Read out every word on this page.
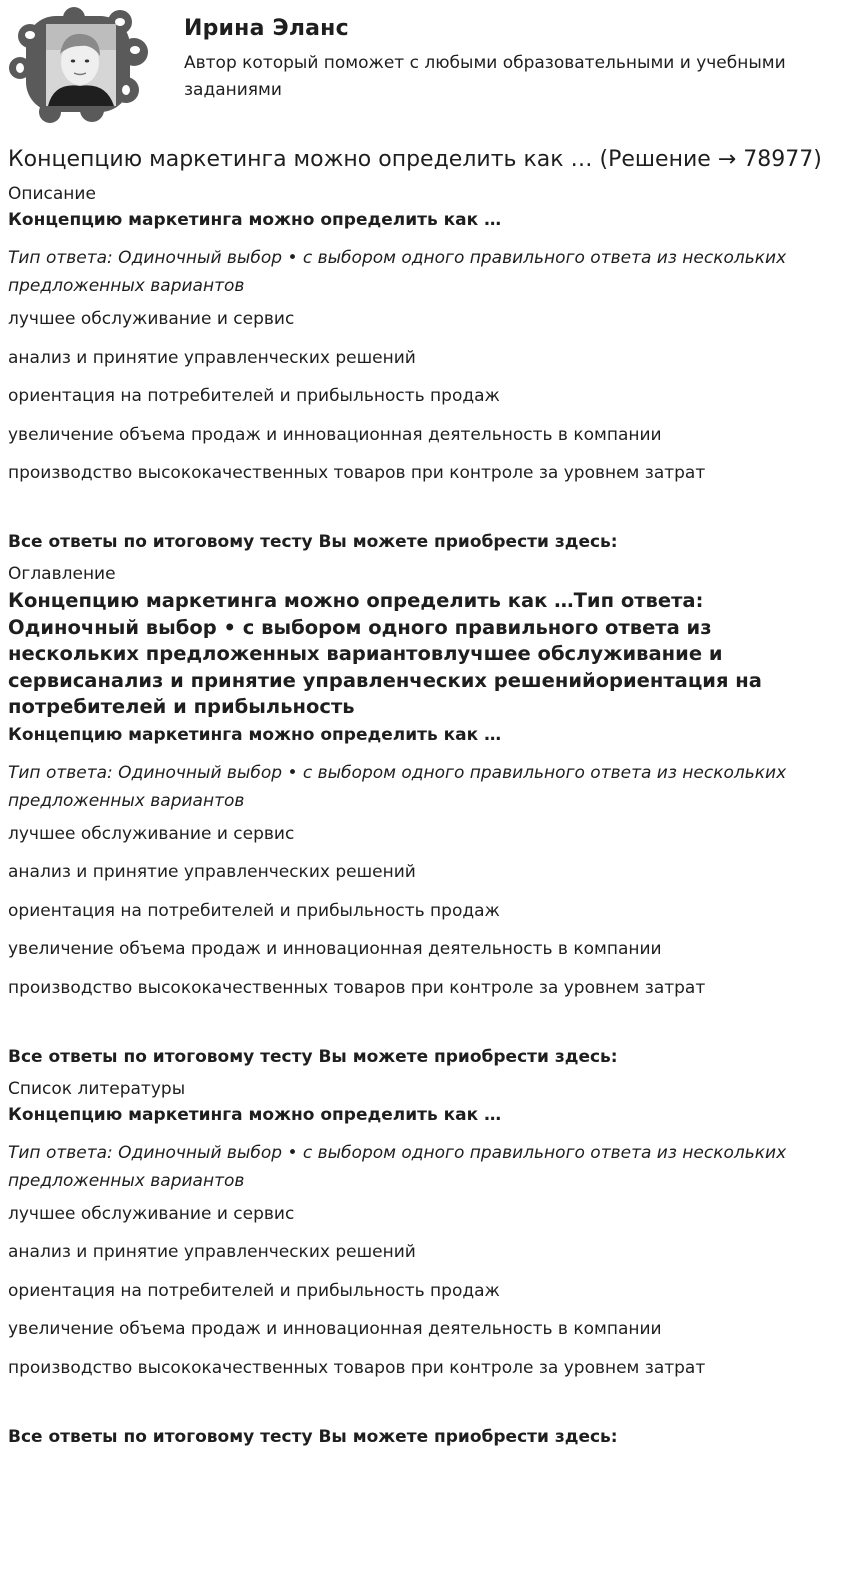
Ирина Эланс
Автор который поможет с любыми образовательными и учебными заданиями
Концепцию маркетинга можно определить как … (Решение → 78977)
Описание
Концепцию маркетинга можно определить как …
Тип ответа: Одиночный выбор • с выбором одного правильного ответа из нескольких предложенных вариантов
лучшее обслуживание и сервис
анализ и принятие управленческих решений
ориентация на потребителей и прибыльность продаж
увеличение объема продаж и инновационная деятельность в компании
производство высококачественных товаров при контроле за уровнем затрат
Все ответы по итоговому тесту Вы можете приобрести здесь:
Оглавление
Концепцию маркетинга можно определить как …Тип ответа: Одиночный выбор • с выбором одного правильного ответа из нескольких предложенных вариантовлучшее обслуживание и сервисанализ и принятие управленческих решенийориентация на потребителей и прибыльность
Концепцию маркетинга можно определить как …
Тип ответа: Одиночный выбор • с выбором одного правильного ответа из нескольких предложенных вариантов
лучшее обслуживание и сервис
анализ и принятие управленческих решений
ориентация на потребителей и прибыльность продаж
увеличение объема продаж и инновационная деятельность в компании
производство высококачественных товаров при контроле за уровнем затрат
Все ответы по итоговому тесту Вы можете приобрести здесь:
Список литературы
Концепцию маркетинга можно определить как …
Тип ответа: Одиночный выбор • с выбором одного правильного ответа из нескольких предложенных вариантов
лучшее обслуживание и сервис
анализ и принятие управленческих решений
ориентация на потребителей и прибыльность продаж
увеличение объема продаж и инновационная деятельность в компании
производство высококачественных товаров при контроле за уровнем затрат
Все ответы по итоговому тесту Вы можете приобрести здесь:
